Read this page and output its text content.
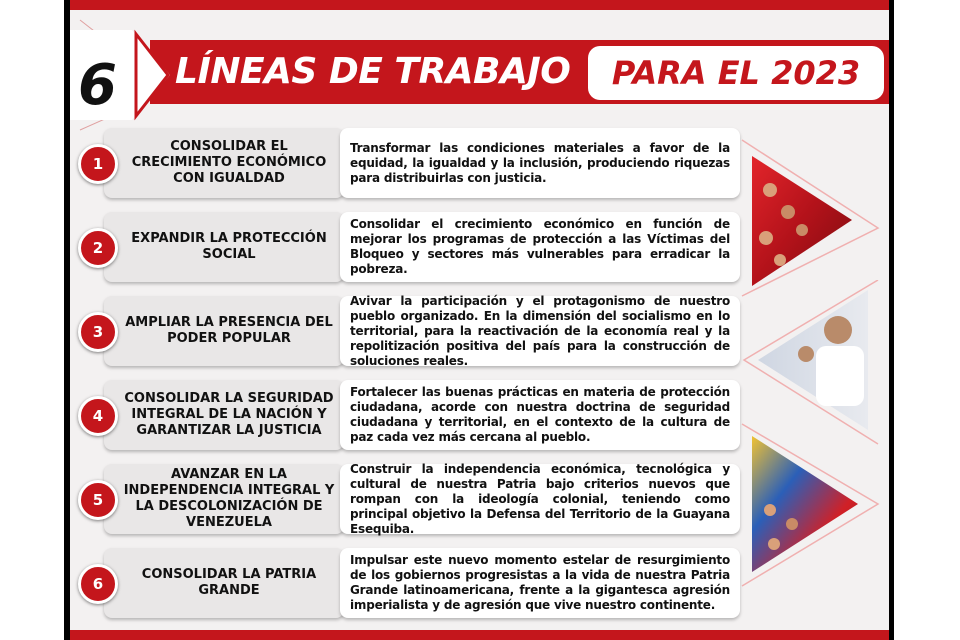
6 LÍNEAS DE TRABAJO	PARA EL 2023
CONSOLIDAR EL CRECIMIENTO ECONÓMICO CON IGUALDAD
Transformar las condiciones materiales a favor de la equidad, la igualdad y la inclusión, produciendo riquezas para distribuirlas con justicia.
1
EXPANDIR LA PROTECCIÓN SOCIAL
Consolidar el crecimiento económico en función de mejorar los programas de protección a las Víctimas del Bloqueo y sectores más vulnerables para erradicar la pobreza.
2
AMPLIAR LA PRESENCIA DEL PODER POPULAR
Avivar la participación y el protagonismo de nuestro pueblo organizado. En la dimensión del socialismo en lo territorial, para la reactivación de la economía real y la repolitización positiva del país para la construcción de soluciones reales.
3
CONSOLIDAR LA SEGURIDAD INTEGRAL DE LA NACIÓN Y GARANTIZAR LA JUSTICIA
Fortalecer las buenas prácticas en materia de protección ciudadana, acorde con nuestra doctrina de seguridad ciudadana y territorial, en el contexto de la cultura de paz cada vez más cercana al pueblo.
4
AVANZAR EN LA INDEPENDENCIA INTEGRAL Y LA DESCOLONIZACIÓN DE VENEZUELA
Construir la independencia económica, tecnológica y cultural de nuestra Patria bajo criterios nuevos que rompan con la ideología colonial, teniendo como principal objetivo la Defensa del Territorio de la Guayana Esequiba.
5
CONSOLIDAR LA PATRIA GRANDE
Impulsar este nuevo momento estelar de resurgimiento de los gobiernos progresistas a la vida de nuestra Patria Grande latinoamericana, frente a la gigantesca agresión imperialista y de agresión que vive nuestro continente.
6
